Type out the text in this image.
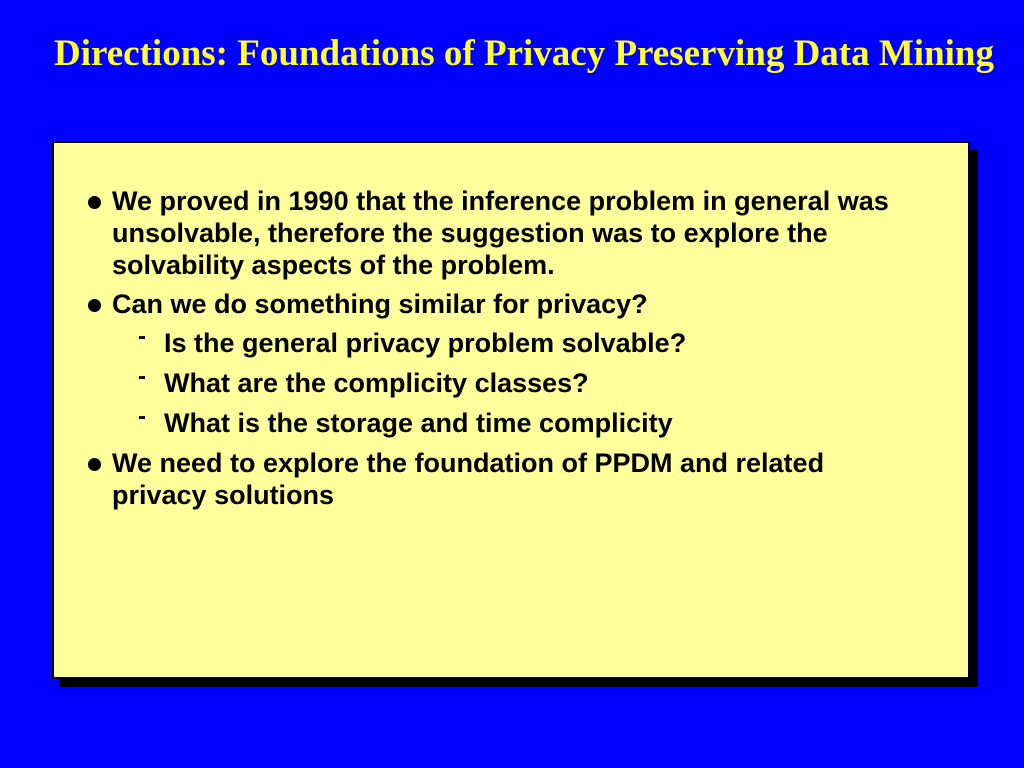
Directions: Foundations of Privacy Preserving Data Mining
We proved in 1990 that the inference problem in general was unsolvable, therefore the suggestion was to explore the solvability aspects of the problem.
Can we do something similar for privacy?
- Is the general privacy problem solvable?
- What are the complicity classes?
- What is the storage and time complicity
We need to explore the foundation of PPDM and related privacy solutions
